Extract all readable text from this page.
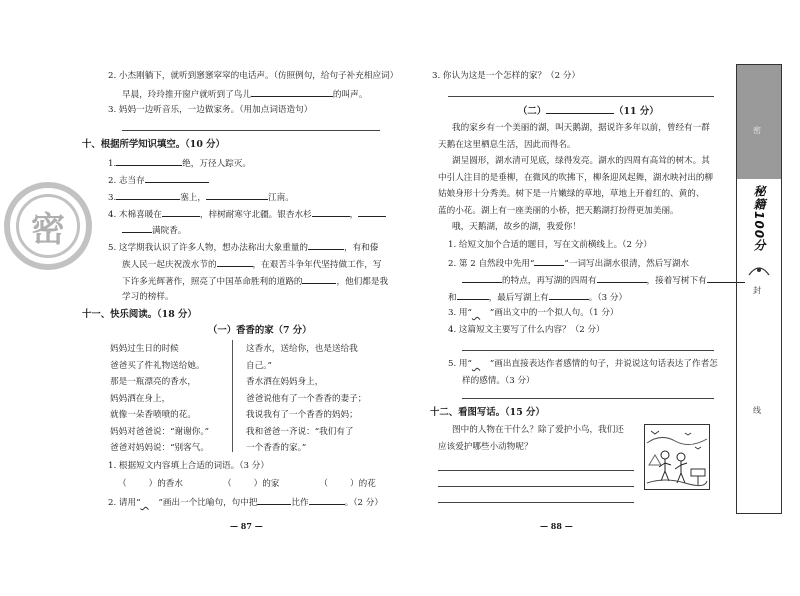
密
2. 小杰刚躺下，就听到窸窸窣窣的电话声。（仿照例句，给句子补充相应词）
早晨，玲玲推开窗户就听到了鸟儿	的叫声。
3. 妈妈一边听音乐，一边做家务。（用加点词语造句）
十、根据所学知识填空。（10 分）
1.	绝，万径人踪灭。
2. 志当存
3.	塞上，	江南。
4. 木棉喜暖在	，梓树耐寒守北疆。银杏水杉	，
满院香。
5. 这学期我认识了许多人物，想办法称出大象重量的	，有和傣
族人民一起庆祝泼水节的	，在艰苦斗争年代坚持做工作，写
下许多光辉著作，照亮了中国革命胜利的道路的	，他们都是我
学习的榜样。
十一、快乐阅读。（18 分）
（一）香香的家（7 分）
妈妈过生日的时候
爸爸买了件礼物送给她。
那是一瓶漂亮的香水，
妈妈洒在身上，
就像一朵香喷喷的花。
妈妈对爸爸说：“谢谢你。”
爸爸对妈妈说：“别客气。
这香水，送给你，也是送给我
自己。”
香水洒在妈妈身上，
爸爸说他有了一个香香的妻子；
我说我有了一个香香的妈妈；
我和爸爸一齐说：“我们有了
一个香香的家。”
1. 根据短文内容填上合适的词语。（3 分）
（	）的香水	（	）的家	（	）的花
2. 请用“ ”画出一个比喻句，句中把	比作	。（2 分）
— 87 —
3. 你认为这是一个怎样的家？（2 分）
（二）	（11 分）
我的家乡有一个美丽的湖，叫天鹅湖，据说许多年以前，曾经有一群
天鹅在这里栖息生活，因此而得名。
湖呈圆形，湖水清可见底，绿得发亮。湖水的四周有高耸的树木。其
中引人注目的是垂柳，在微风的吹拂下，柳条迎风起舞，湖水映衬出的柳
姑娘身形十分秀美。树下是一片嫩绿的草地，草地上开着红的、黄的、
蓝的小花。湖上有一座美丽的小桥，把天鹅湖打扮得更加美丽。
哦，天鹅湖，故乡的湖，我爱你！
1. 给短文加个合适的题目，写在文前横线上。（2 分）
2. 第 2 自然段中先用“	”一词写出湖水很清，然后写湖水
的特点，再写湖的四周有	，接着写树下有
和	，最后写湖上有	。（3 分）
3. 用“ ”画出文中的一个拟人句。（1 分）
4. 这篇短文主要写了什么内容？（2 分）
5. 用“ ”画出直接表达作者感情的句子，并说说这句话表达了作者怎
样的感情。（3 分）
十二、看图写话。（15 分）
图中的人物在干什么？除了爱护小鸟，我们还
应该爱护哪些小动物呢？
— 88 —
秘籍100分
密
封
线
